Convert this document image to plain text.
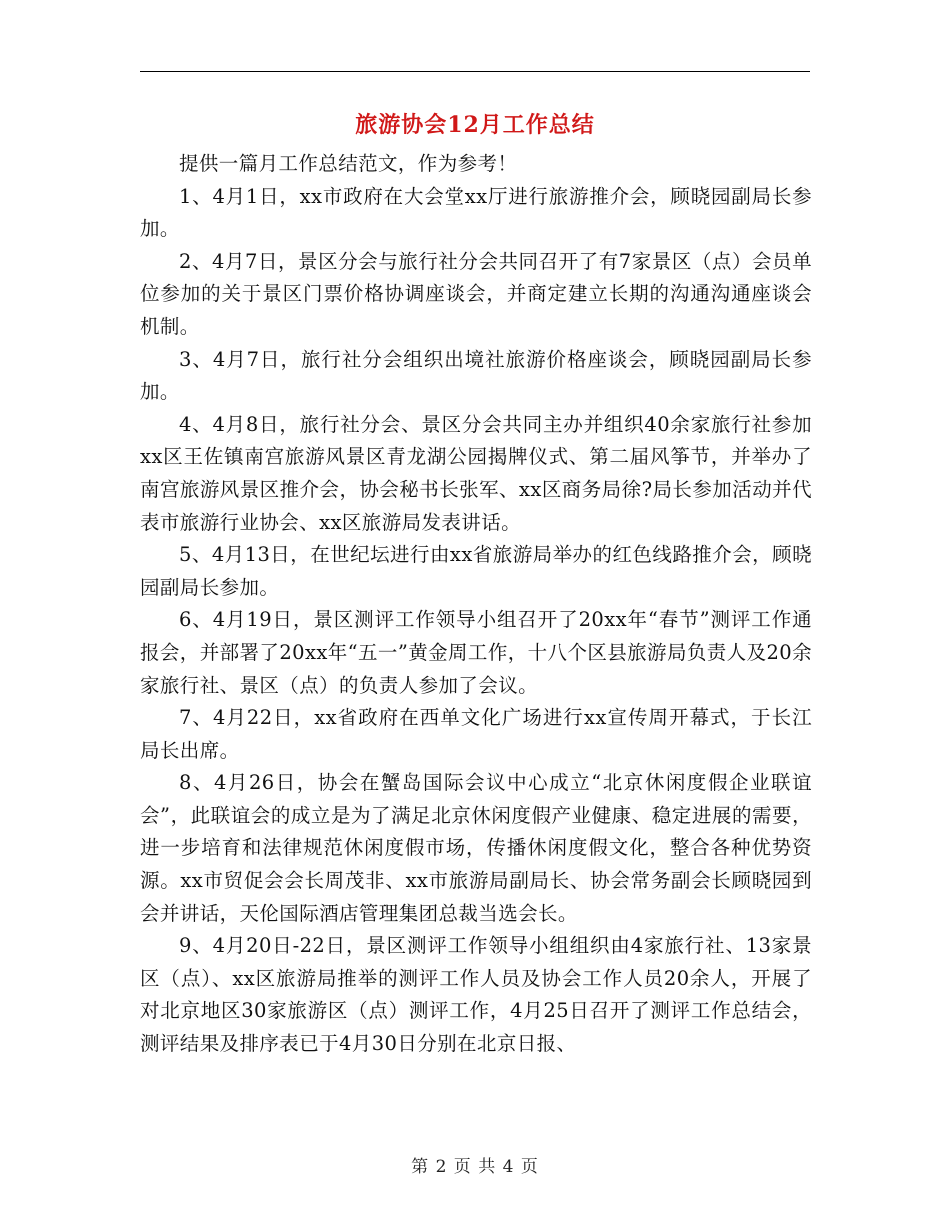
旅游协会12月工作总结

提供一篇月工作总结范文，作为参考！

1、4月1日，xx市政府在大会堂xx厅进行旅游推介会，顾晓园副局长参加。

2、4月7日，景区分会与旅行社分会共同召开了有7家景区（点）会员单位参加的关于景区门票价格协调座谈会，并商定建立长期的沟通沟通座谈会机制。

3、4月7日，旅行社分会组织出境社旅游价格座谈会，顾晓园副局长参加。

4、4月8日，旅行社分会、景区分会共同主办并组织40余家旅行社参加xx区王佐镇南宫旅游风景区青龙湖公园揭牌仪式、第二届风筝节，并举办了南宫旅游风景区推介会，协会秘书长张军、xx区商务局徐?局长参加活动并代表市旅游行业协会、xx区旅游局发表讲话。

5、4月13日，在世纪坛进行由xx省旅游局举办的红色线路推介会，顾晓园副局长参加。

6、4月19日，景区测评工作领导小组召开了20xx年“春节”测评工作通报会，并部署了20xx年“五一”黄金周工作，十八个区县旅游局负责人及20余家旅行社、景区（点）的负责人参加了会议。

7、4月22日，xx省政府在西单文化广场进行xx宣传周开幕式，于长江局长出席。

8、4月26日，协会在蟹岛国际会议中心成立“北京休闲度假企业联谊会”，此联谊会的成立是为了满足北京休闲度假产业健康、稳定进展的需要，进一步培育和法律规范休闲度假市场，传播休闲度假文化，整合各种优势资源。xx市贸促会会长周茂非、xx市旅游局副局长、协会常务副会长顾晓园到会并讲话，天伦国际酒店管理集团总裁当选会长。

9、4月20日-22日，景区测评工作领导小组组织由4家旅行社、13家景区（点）、xx区旅游局推举的测评工作人员及协会工作人员20余人，开展了对北京地区30家旅游区（点）测评工作，4月25日召开了测评工作总结会，测评结果及排序表已于4月30日分别在北京日报、

第 2 页 共 4 页
